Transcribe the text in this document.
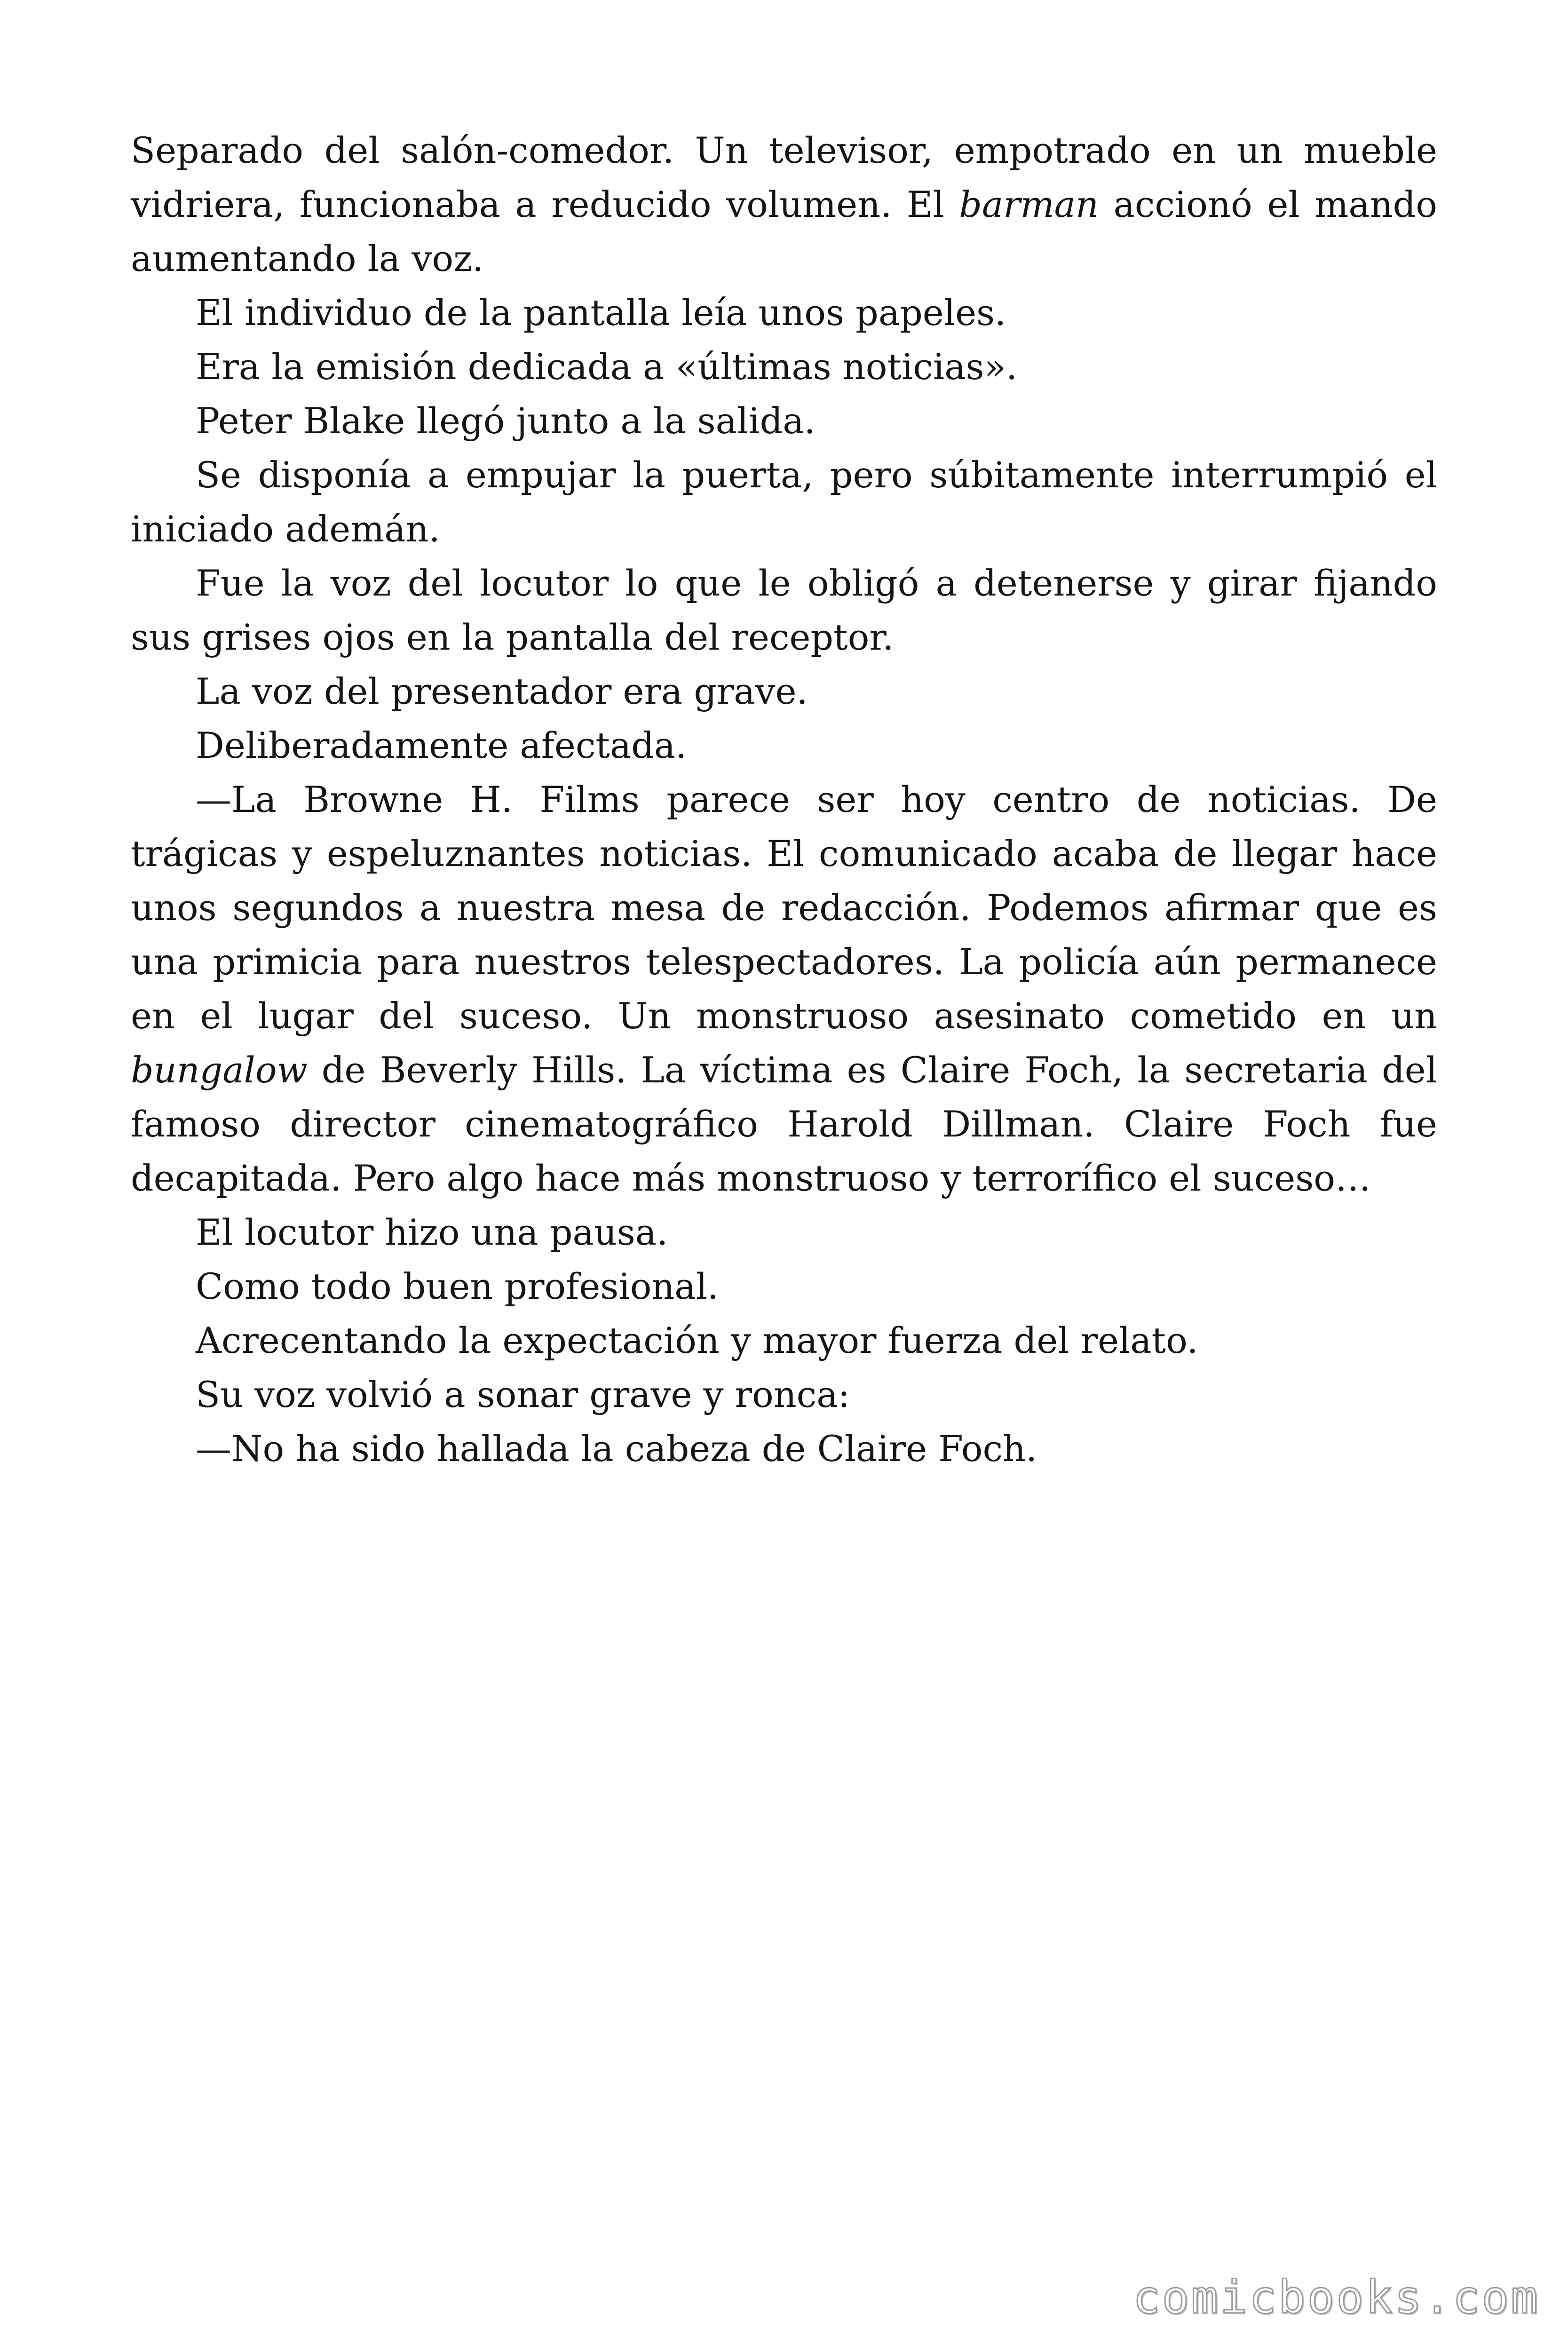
Separado del salón-comedor. Un televisor, empotrado en un mueble vidriera, funcionaba a reducido volumen. El barman accionó el mando aumentando la voz.

El individuo de la pantalla leía unos papeles.

Era la emisión dedicada a «últimas noticias».

Peter Blake llegó junto a la salida.

Se disponía a empujar la puerta, pero súbitamente interrumpió el iniciado ademán.

Fue la voz del locutor lo que le obligó a detenerse y girar fijando sus grises ojos en la pantalla del receptor.

La voz del presentador era grave.

Deliberadamente afectada.

—La Browne H. Films parece ser hoy centro de noticias. De trágicas y espeluznantes noticias. El comunicado acaba de llegar hace unos segundos a nuestra mesa de redacción. Podemos afirmar que es una primicia para nuestros telespectadores. La policía aún permanece en el lugar del suceso. Un monstruoso asesinato cometido en un bungalow de Beverly Hills. La víctima es Claire Foch, la secretaria del famoso director cinematográfico Harold Dillman. Claire Foch fue decapitada. Pero algo hace más monstruoso y terrorífico el suceso…

El locutor hizo una pausa.

Como todo buen profesional.

Acrecentando la expectación y mayor fuerza del relato.

Su voz volvió a sonar grave y ronca:

—No ha sido hallada la cabeza de Claire Foch.

comicbooks.com
